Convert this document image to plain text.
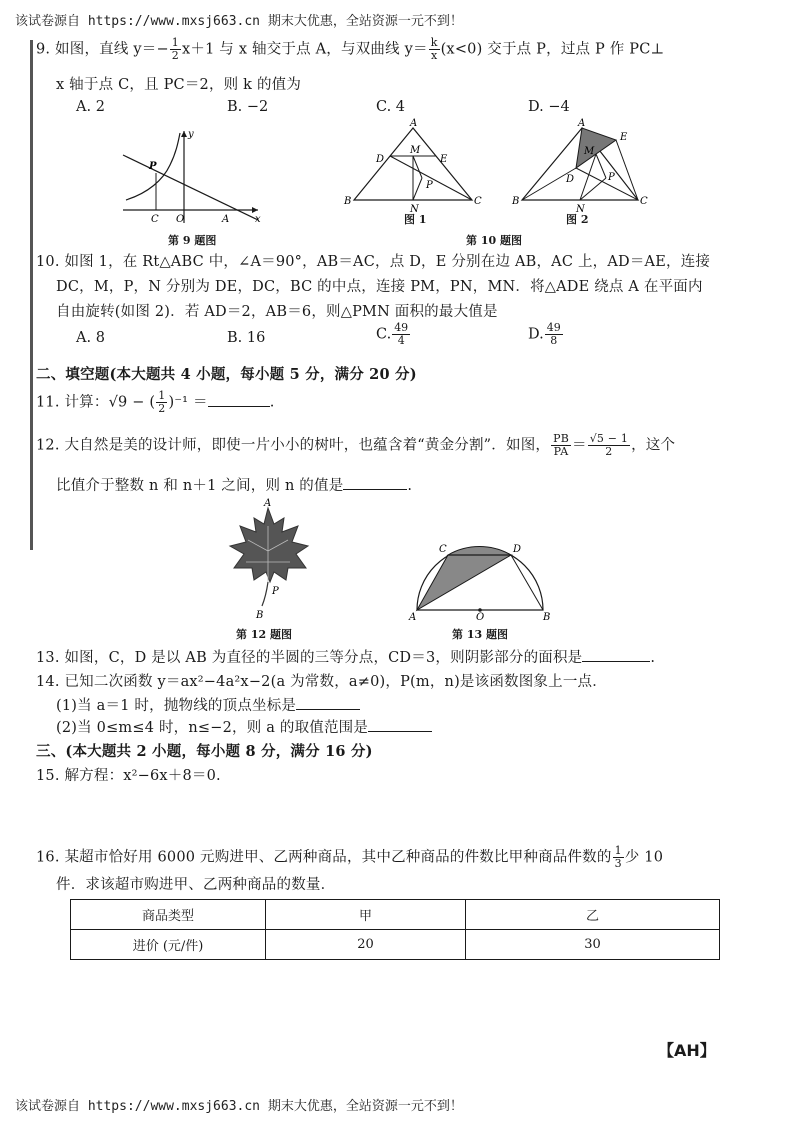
该试卷源自 https://www.mxsj663.cn 期末大优惠，全站资源一元不到！
9. 如图，直线 $y=- \frac{1}{2} x+1$ 与 x 轴交于点 A，与双曲线 $y= \frac{k}{x} (x<0)$ 交于点 P，过点 P 作 PC⊥
x 轴于点 C，且 PC＝2，则 k 的值为
A. 2	B. −2	C. 4	D. −4
y
P
C O	A	x
A
D
M
E
P
B
N
C
图 1
A
E
M
D	P
B
N
C
图 2
第 9 题图	第 10 题图
10. 如图 1，在 Rt△ABC 中，∠A＝90°，AB＝AC，点 D，E 分别在边 AB，AC 上，AD＝AE，连接
DC，M，P，N 分别为 DE，DC，BC 的中点，连接 PM，PN，MN．将△ADE 绕点 A 在平面内
自由旋转(如图 2)．若 AD＝2，AB＝6，则△PMN 面积的最大值是
A. 8	B. 16	C. $\frac{49}{4}$	D. $\frac{49}{8}$
二、填空题(本大题共 4 小题，每小题 5 分，满分 20 分)
11. 计算：√9 − ( $\frac{1}{2} )^{-1}$ ＝	.
12. 大自然是美的设计师，即使一片小小的树叶，也蕴含着“黄金分割”．如图， $\frac{PB}{PA} = \frac{√5 - 1}{2}$ ，这个
比值介于整数 n 和 n＋1 之间，则 n 的值是	.
A
P
B
第 12 题图
C	D
A	O	B
第 13 题图
13. 如图，C，D 是以 AB 为直径的半圆的三等分点，CD＝3，则阴影部分的面积是	.
14. 已知二次函数 y＝ax²−4a²x−2(a 为常数，a≠0)，P(m，n)是该函数图象上一点．
(1)当 a＝1 时，抛物线的顶点坐标是
(2)当 0≤m≤4 时，n≤−2，则 a 的取值范围是
三、(本大题共 2 小题，每小题 8 分，满分 16 分)
15. 解方程：x²−6x＋8＝0.
16. 某超市恰好用 6000 元购进甲、乙两种商品，其中乙种商品的件数比甲种商品件数的 $\frac{1}{3}$ 少 10
件．求该超市购进甲、乙两种商品的数量．
商品类型	甲	乙
进价 (元/件)	20	30
【AH】
该试卷源自 https://www.mxsj663.cn 期末大优惠，全站资源一元不到！
